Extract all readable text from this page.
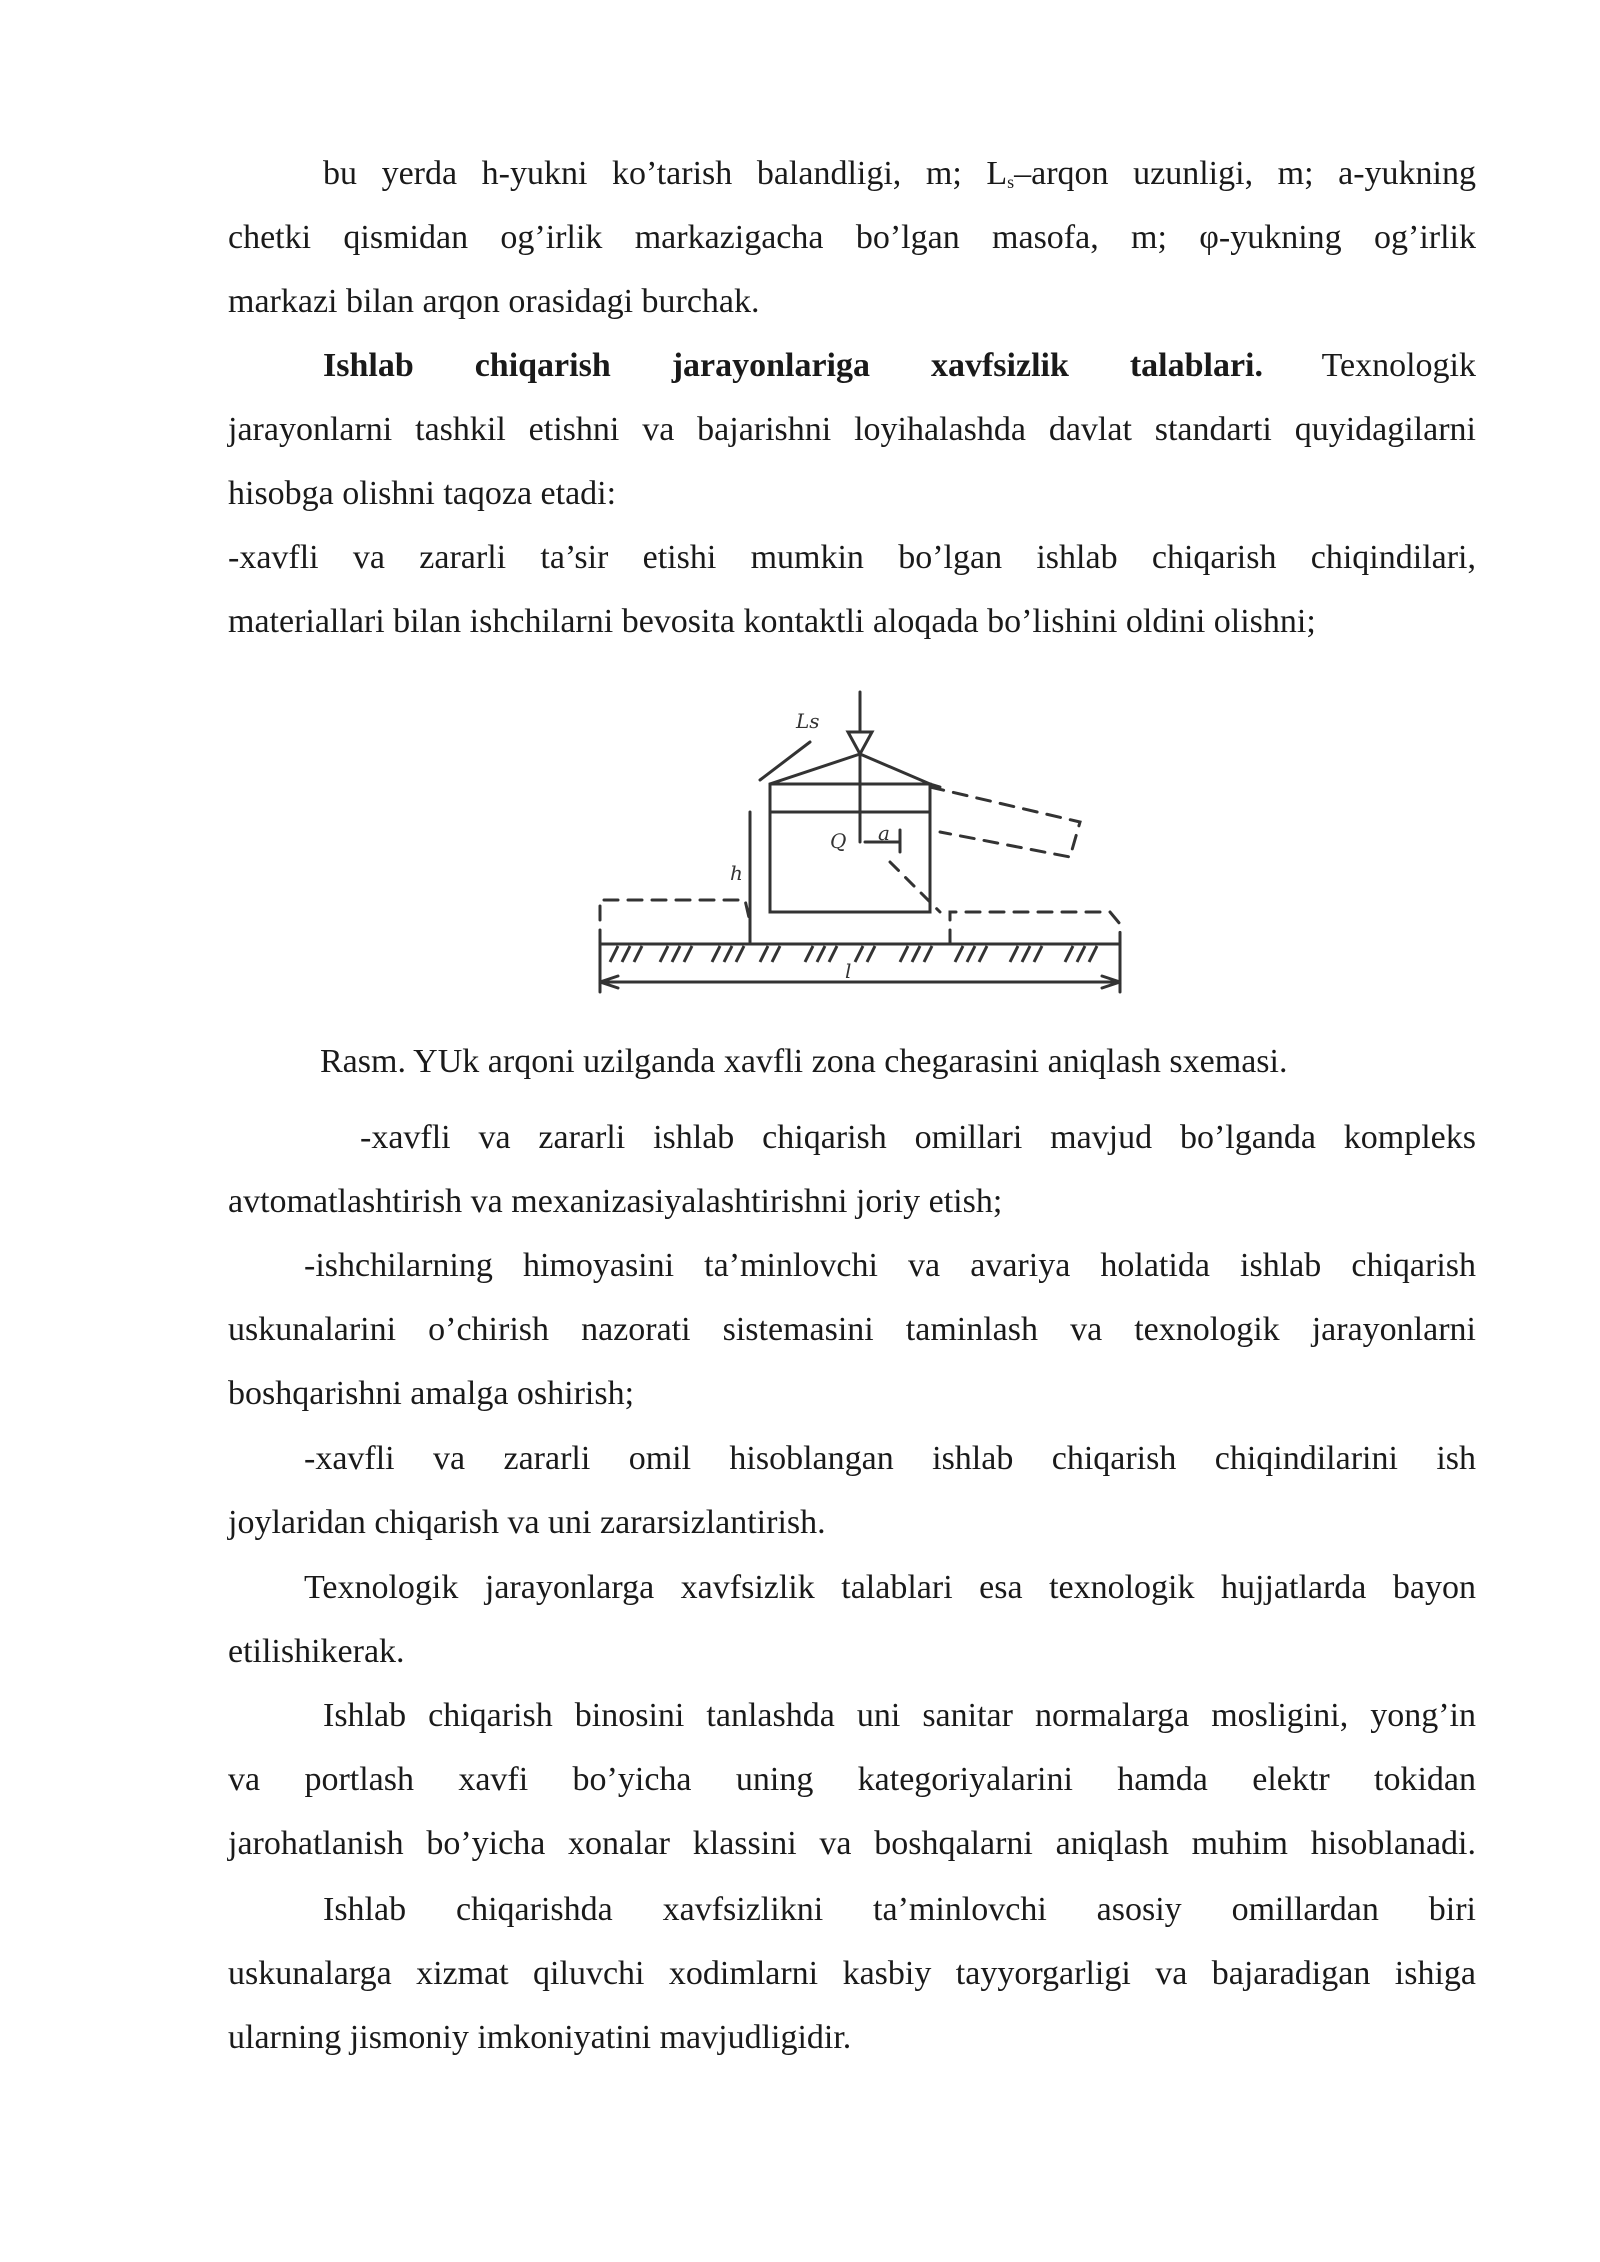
bu yerda h-yukni ko’tarish balandligi, m; $L_s$–arqon uzunligi, m; a-yukning
chetki qismidan og’irlik markazigacha bo’lgan masofa, m; φ-yukning og’irlik
markazi bilan arqon orasidagi burchak.
Ishlab chiqarish jarayonlariga xavfsizlik talablari. Texnologik
jarayonlarni tashkil etishni va bajarishni loyihalashda davlat standarti quyidagilarni
hisobga olishni taqoza etadi:
-xavfli va zararli ta’sir etishi mumkin bo’lgan ishlab chiqarish chiqindilari,
materiallari bilan ishchilarni bevosita kontaktli aloqada bo’lishini oldini olishni;
Ls
Q a
h
l
Rasm. YUk arqoni uzilganda xavfli zona chegarasini aniqlash sxemasi.
-xavfli va zararli ishlab chiqarish omillari mavjud bo’lganda kompleks
avtomatlashtirish va mexanizasiyalashtirishni joriy etish;
-ishchilarning himoyasini ta’minlovchi va avariya holatida ishlab chiqarish
uskunalarini o’chirish nazorati sistemasini taminlash va texnologik jarayonlarni
boshqarishni amalga oshirish;
-xavfli va zararli omil hisoblangan ishlab chiqarish chiqindilarini ish
joylaridan chiqarish va uni zararsizlantirish.
Texnologik jarayonlarga xavfsizlik talablari esa texnologik hujjatlarda bayon
etilishikerak.
Ishlab chiqarish binosini tanlashda uni sanitar normalarga mosligini, yong’in
va portlash xavfi bo’yicha uning kategoriyalarini hamda elektr tokidan
jarohatlanish bo’yicha xonalar klassini va boshqalarni aniqlash muhim hisoblanadi.
Ishlab chiqarishda xavfsizlikni ta’minlovchi asosiy omillardan biri
uskunalarga xizmat qiluvchi xodimlarni kasbiy tayyorgarligi va bajaradigan ishiga
ularning jismoniy imkoniyatini mavjudligidir.
